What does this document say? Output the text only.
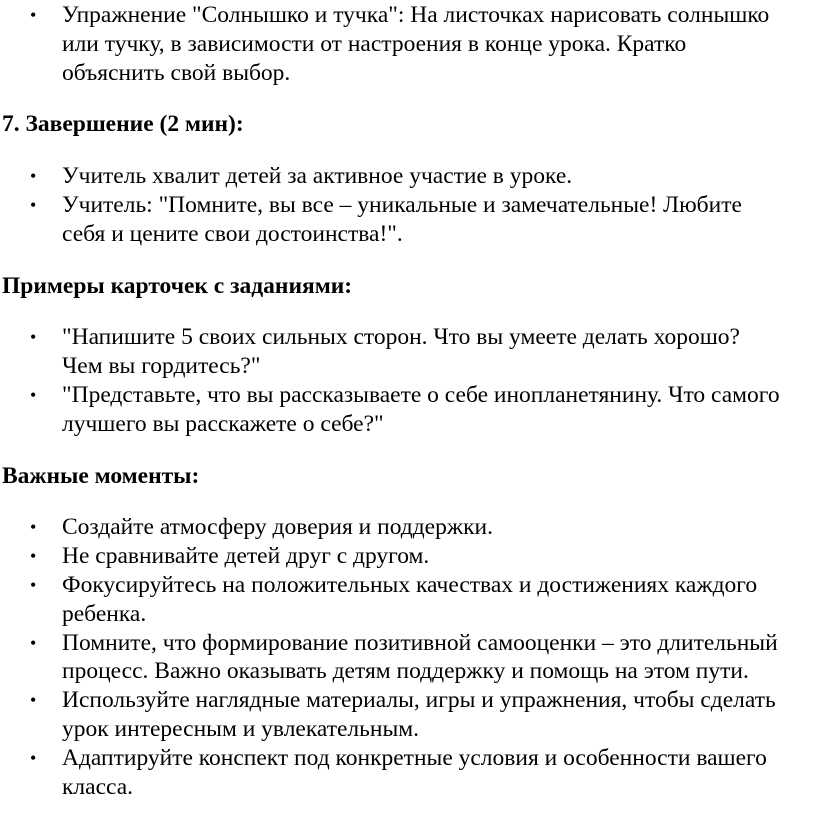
• Упражнение "Солнышко и тучка": На листочках нарисовать солнышко
или тучку, в зависимости от настроения в конце урока. Кратко
объяснить свой выбор.
7. Завершение (2 мин):
• Учитель хвалит детей за активное участие в уроке.
• Учитель: "Помните, вы все – уникальные и замечательные! Любите
себя и цените свои достоинства!".
Примеры карточек с заданиями:
• "Напишите 5 своих сильных сторон. Что вы умеете делать хорошо?
Чем вы гордитесь?"
• "Представьте, что вы рассказываете о себе инопланетянину. Что самого
лучшего вы расскажете о себе?"
Важные моменты:
• Создайте атмосферу доверия и поддержки.
• Не сравнивайте детей друг с другом.
• Фокусируйтесь на положительных качествах и достижениях каждого
ребенка.
• Помните, что формирование позитивной самооценки – это длительный
процесс. Важно оказывать детям поддержку и помощь на этом пути.
• Используйте наглядные материалы, игры и упражнения, чтобы сделать
урок интересным и увлекательным.
• Адаптируйте конспект под конкретные условия и особенности вашего
класса.
